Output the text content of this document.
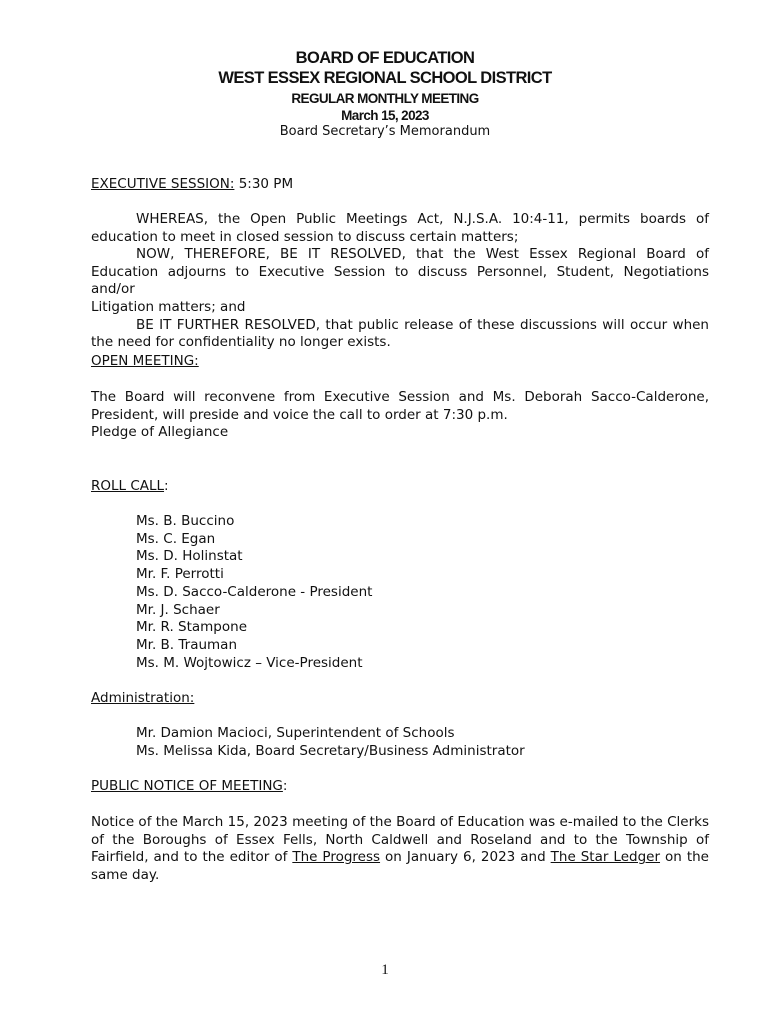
BOARD OF EDUCATION
WEST ESSEX REGIONAL SCHOOL DISTRICT
REGULAR MONTHLY MEETING
March 15, 2023
Board Secretary’s Memorandum
EXECUTIVE SESSION: 5:30 PM

WHEREAS, the Open Public Meetings Act, N.J.S.A. 10:4-11, permits boards of

education to meet in closed session to discuss certain matters;

NOW, THEREFORE, BE IT RESOLVED, that the West Essex Regional Board of

Education adjourns to Executive Session to discuss Personnel, Student, Negotiations and/or

Litigation matters; and

BE IT FURTHER RESOLVED, that public release of these discussions will occur when

the need for confidentiality no longer exists.

OPEN MEETING:

The Board will reconvene from Executive Session and Ms. Deborah Sacco-Calderone,

President, will preside and voice the call to order at 7:30 p.m.

Pledge of Allegiance

ROLL CALL:
Ms. B. Buccino
Ms. C. Egan
Ms. D. Holinstat
Mr. F. Perrotti
Ms. D. Sacco-Calderone - President
Mr. J. Schaer
Mr. R. Stampone
Mr. B. Trauman
Ms. M. Wojtowicz – Vice-President
Administration:
Mr. Damion Macioci, Superintendent of Schools
Ms. Melissa Kida, Board Secretary/Business Administrator
PUBLIC NOTICE OF MEETING:

Notice of the March 15, 2023 meeting of the Board of Education was e-mailed to the Clerks

of the Boroughs of Essex Fells, North Caldwell and Roseland and to the Township of

Fairfield, and to the editor of The Progress on January 6, 2023 and The Star Ledger on the

same day.

1
